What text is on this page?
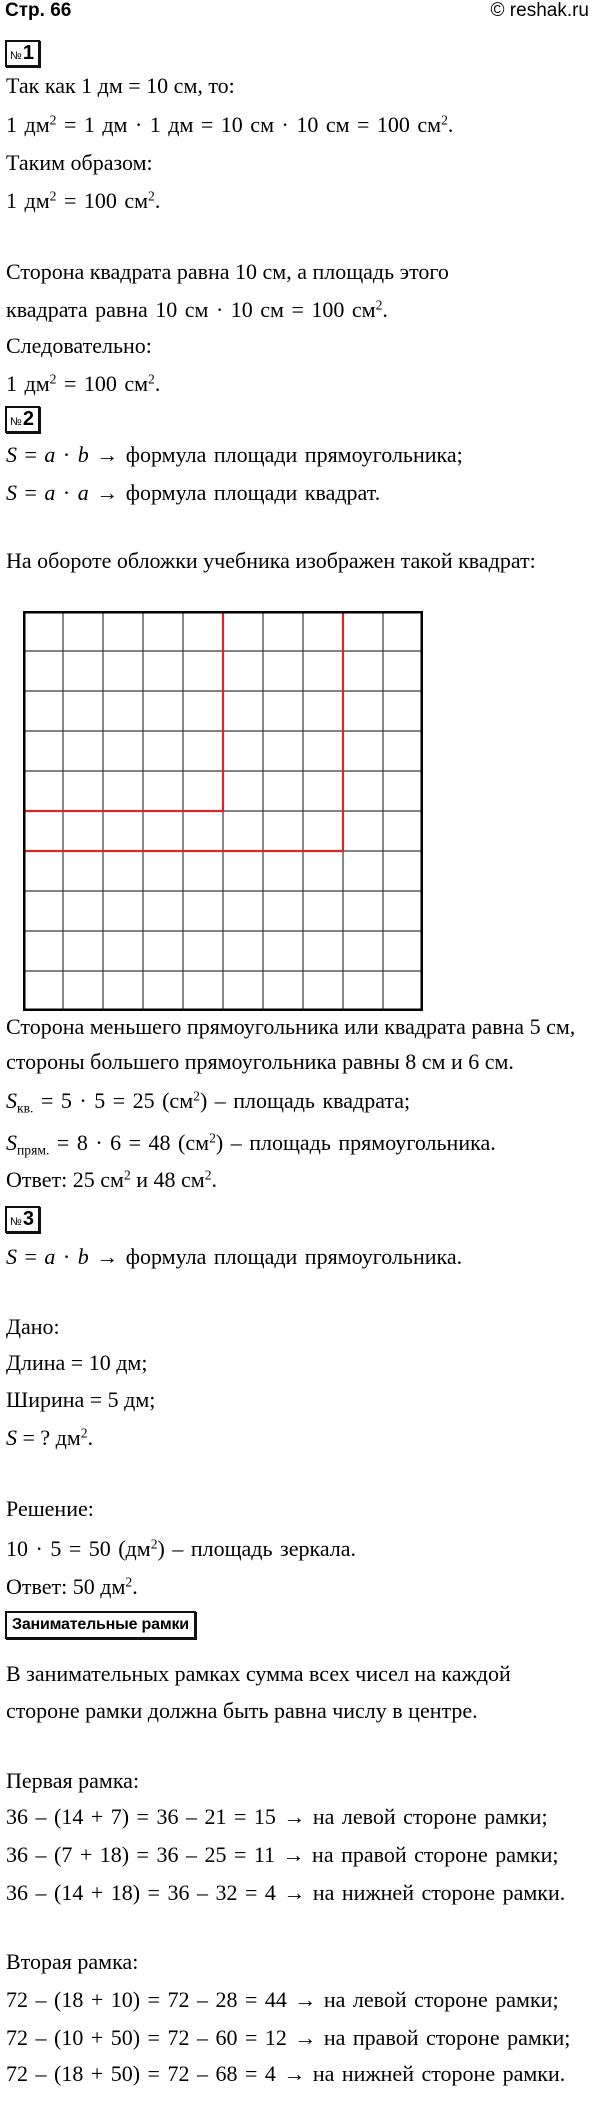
Стр. 66	© reshak.ru
№ 1
Так как 1 дм = 10 см, то:
1 $дм^2 = 1$ дм · 1 дм = 10 см · 10 см = 100 $см^2$.
Таким образом:
1 $дм^2 = 100$ $см^2$.
Сторона квадрата равна 10 см, а площадь этого
квадрата равна 10 см · 10 см = 100 $см^2$.
Следовательно:
1 $дм^2 = 100$ $см^2$.
№ 2
S = a · b → формула площади прямоугольника;
S = a · a → формула площади квадрат.
На обороте обложки учебника изображен такой квадрат:
Сторона меньшего прямоугольника или квадрата равна 5 см,
стороны большего прямоугольника равны 8 см и 6 см.
$S_{кв.} = 5 \cdot 5 = 25$ $(см^2)$ – площадь квадрата;
$S_{прям.} = 8 \cdot 6 = 48$ $(см^2)$ – площадь прямоугольника.
Ответ: 25 $см^2$ и 48 $см^2$.
№ 3
S = a · b → формула площади прямоугольника.
Дано:
Длина = 10 дм;
Ширина = 5 дм;
S = ? $дм^2$.
Решение:
10 · 5 = 50 $(дм^2)$ – площадь зеркала.
Ответ: 50 $дм^2$.
Занимательные рамки
В занимательных рамках сумма всех чисел на каждой
стороне рамки должна быть равна числу в центре.
Первая рамка:
36 – (14 + 7) = 36 – 21 = 15 → на левой стороне рамки;
36 – (7 + 18) = 36 – 25 = 11 → на правой стороне рамки;
36 – (14 + 18) = 36 – 32 = 4 → на нижней стороне рамки.
Вторая рамка:
72 – (18 + 10) = 72 – 28 = 44 → на левой стороне рамки;
72 – (10 + 50) = 72 – 60 = 12 → на правой стороне рамки;
72 – (18 + 50) = 72 – 68 = 4 → на нижней стороне рамки.
